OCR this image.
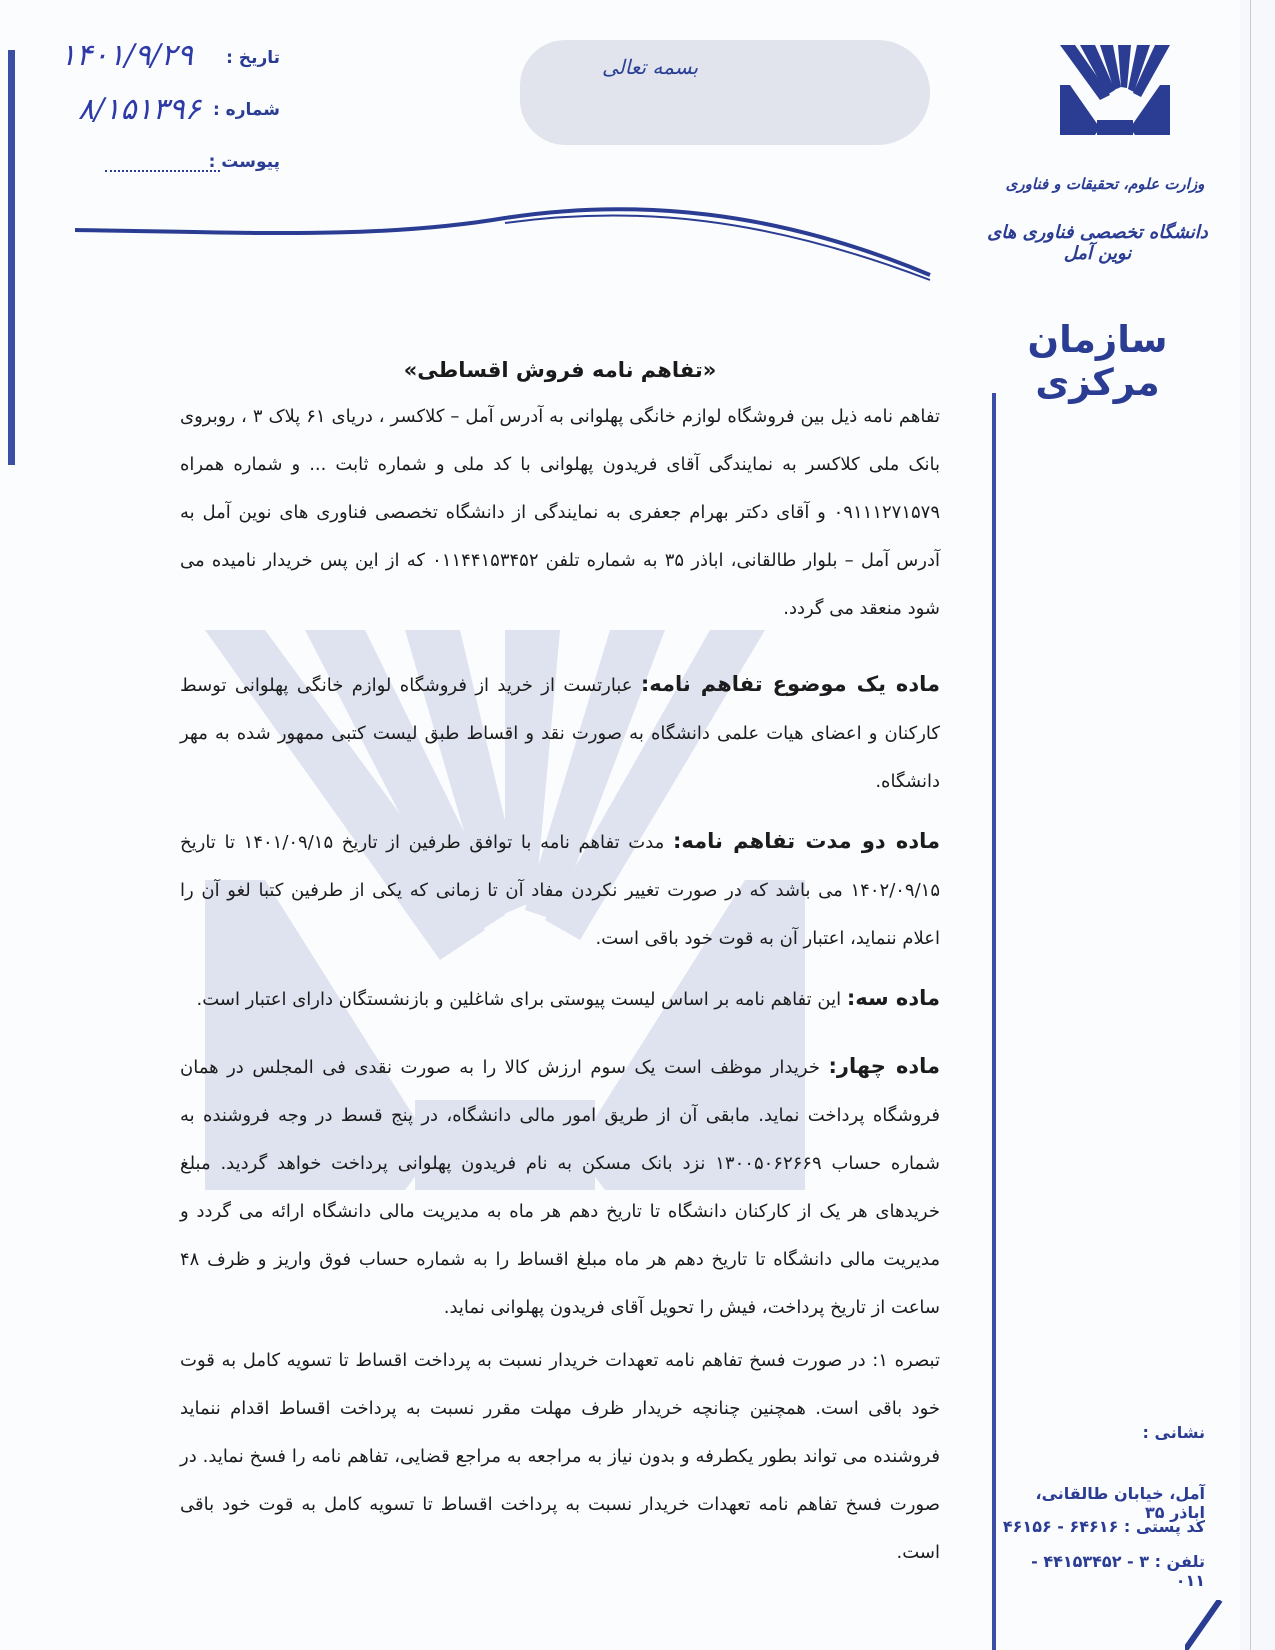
بسمه تعالی
تاریخ :
۱۴۰۱/۹/۲۹
شماره :
۸/۱۵۱۳۹۶
پیوست :
وزارت علوم، تحقیقات و فناوری
دانشگاه تخصصی فناوری های نوین آمل
سازمان مرکزی
«تفاهم نامه فروش اقساطی»
تفاهم نامه ذیل بین فروشگاه لوازم خانگی پهلوانی به آدرس آمل – کلاکسر ، دریای ۶۱ پلاک ۳ ، روبروی بانک ملی کلاکسر به نمایندگی آقای فریدون پهلوانی با کد ملی و شماره ثابت ... و شماره همراه ۰۹۱۱۱۲۷۱۵۷۹ و آقای دکتر بهرام جعفری به نمایندگی از دانشگاه تخصصی فناوری های نوین آمل به آدرس آمل – بلوار طالقانی، اباذر ۳۵ به شماره تلفن ۰۱۱۴۴۱۵۳۴۵۲ که از این پس خریدار نامیده می شود منعقد می گردد.
ماده یک موضوع تفاهم نامه: عبارتست از خرید از فروشگاه لوازم خانگی پهلوانی توسط کارکنان و اعضای هیات علمی دانشگاه به صورت نقد و اقساط طبق لیست کتبی ممهور شده به مهر دانشگاه.
ماده دو مدت تفاهم نامه: مدت تفاهم نامه با توافق طرفین از تاریخ ۱۴۰۱/۰۹/۱۵ تا تاریخ ۱۴۰۲/۰۹/۱۵ می باشد که در صورت تغییر نکردن مفاد آن تا زمانی که یکی از طرفین کتبا لغو آن را اعلام ننماید، اعتبار آن به قوت خود باقی است.
ماده سه: این تفاهم نامه بر اساس لیست پیوستی برای شاغلین و بازنشستگان دارای اعتبار است.
ماده چهار: خریدار موظف است یک سوم ارزش کالا را به صورت نقدی فی المجلس در همان فروشگاه پرداخت نماید. مابقی آن از طریق امور مالی دانشگاه، در پنج قسط در وجه فروشنده به شماره حساب ۱۳۰۰۵۰۶۲۶۶۹ نزد بانک مسکن به نام فریدون پهلوانی پرداخت خواهد گردید. مبلغ خریدهای هر یک از کارکنان دانشگاه تا تاریخ دهم هر ماه به مدیریت مالی دانشگاه ارائه می گردد و مدیریت مالی دانشگاه تا تاریخ دهم هر ماه مبلغ اقساط را به شماره حساب فوق واریز و ظرف ۴۸ ساعت از تاریخ پرداخت، فیش را تحویل آقای فریدون پهلوانی نماید.
تبصره ۱: در صورت فسخ تفاهم نامه تعهدات خریدار نسبت به پرداخت اقساط تا تسویه کامل به قوت خود باقی است. همچنین چنانچه خریدار ظرف مهلت مقرر نسبت به پرداخت اقساط اقدام ننماید فروشنده می تواند بطور یکطرفه و بدون نیاز به مراجعه به مراجع قضایی، تفاهم نامه را فسخ نماید. در صورت فسخ تفاهم نامه تعهدات خریدار نسبت به پرداخت اقساط تا تسویه کامل به قوت خود باقی است.
نشانی :
آمل، خیابان طالقانی، اباذر ۳۵
کد پستی : ۶۴۶۱۶ - ۴۶۱۵۶
تلفن : ۳ - ۴۴۱۵۳۴۵۲ - ۰۱۱
